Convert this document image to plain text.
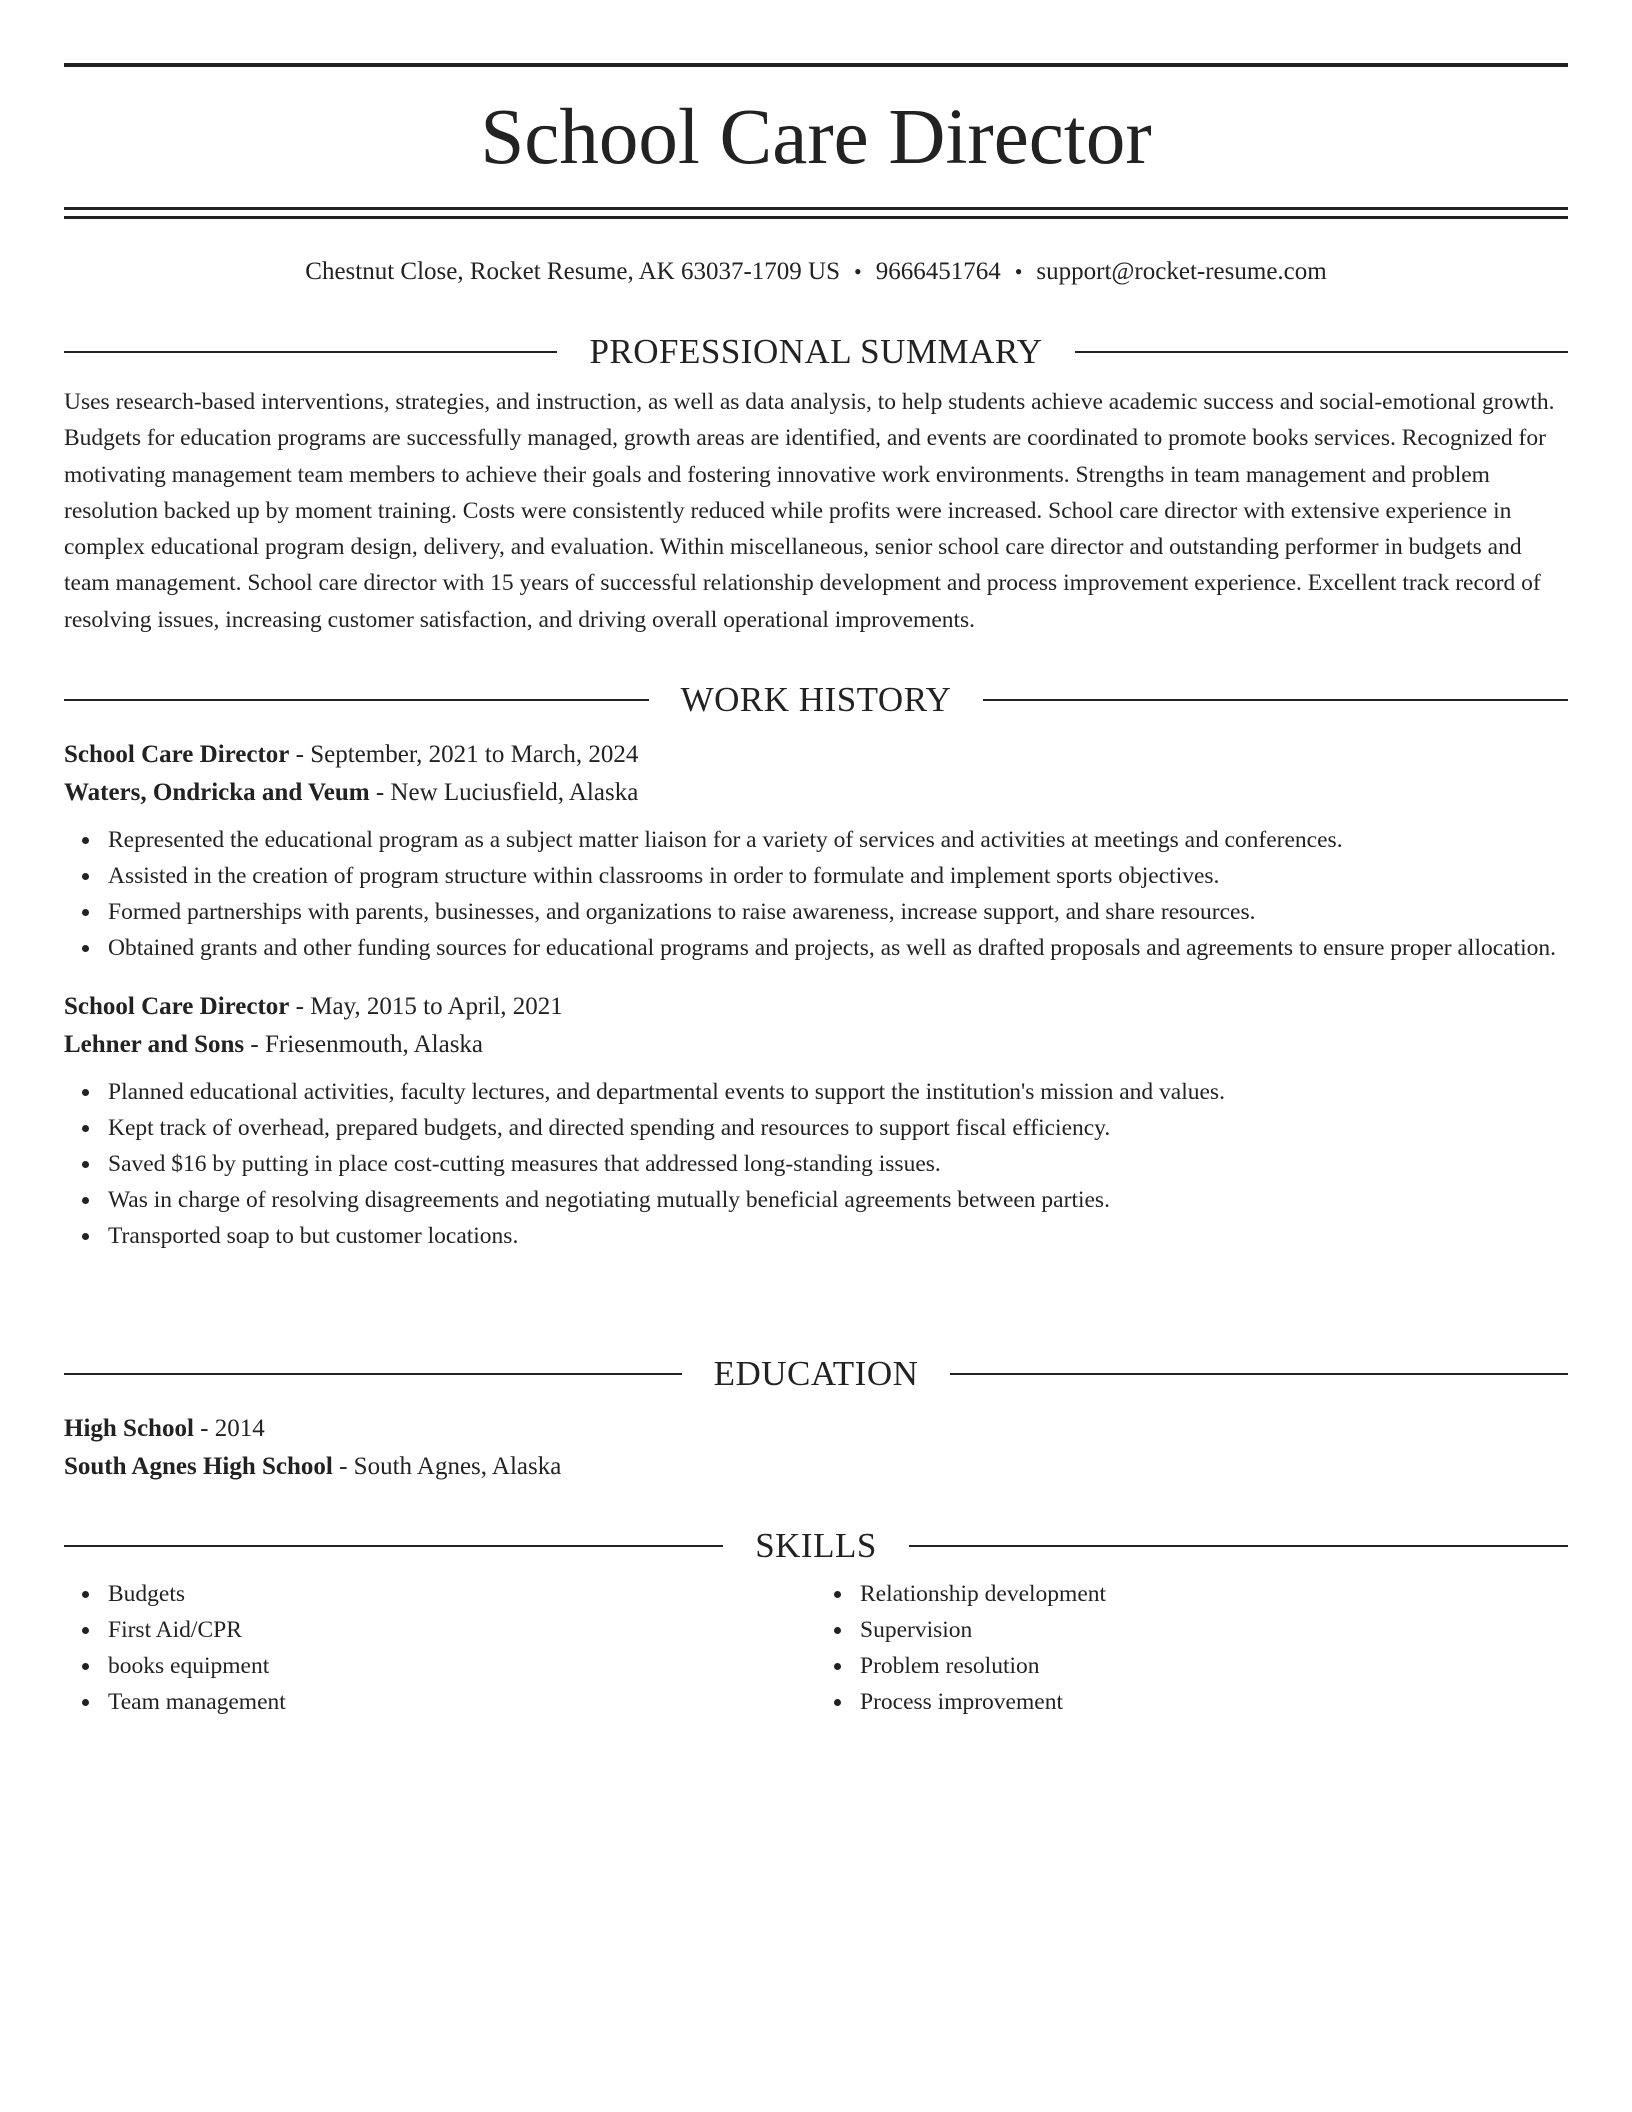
School Care Director
Chestnut Close, Rocket Resume, AK 63037-1709 US • 9666451764 • support@rocket-resume.com
PROFESSIONAL SUMMARY

Uses research-based interventions, strategies, and instruction, as well as data analysis, to help students achieve academic success and social-emotional growth. Budgets for education programs are successfully managed, growth areas are identified, and events are coordinated to promote books services. Recognized for motivating management team members to achieve their goals and fostering innovative work environments. Strengths in team management and problem resolution backed up by moment training. Costs were consistently reduced while profits were increased. School care director with extensive experience in complex educational program design, delivery, and evaluation. Within miscellaneous, senior school care director and outstanding performer in budgets and team management. School care director with 15 years of successful relationship development and process improvement experience. Excellent track record of resolving issues, increasing customer satisfaction, and driving overall operational improvements.

WORK HISTORY
School Care Director - September, 2021 to March, 2024
Waters, Ondricka and Veum - New Luciusfield, Alaska
Represented the educational program as a subject matter liaison for a variety of services and activities at meetings and conferences.
Assisted in the creation of program structure within classrooms in order to formulate and implement sports objectives.
Formed partnerships with parents, businesses, and organizations to raise awareness, increase support, and share resources.
Obtained grants and other funding sources for educational programs and projects, as well as drafted proposals and agreements to ensure proper allocation.
School Care Director - May, 2015 to April, 2021
Lehner and Sons - Friesenmouth, Alaska
Planned educational activities, faculty lectures, and departmental events to support the institution's mission and values.
Kept track of overhead, prepared budgets, and directed spending and resources to support fiscal efficiency.
Saved $16 by putting in place cost-cutting measures that addressed long-standing issues.
Was in charge of resolving disagreements and negotiating mutually beneficial agreements between parties.
Transported soap to but customer locations.
EDUCATION
High School - 2014
South Agnes High School - South Agnes, Alaska
SKILLS
Budgets
First Aid/CPR
books equipment
Team management
Relationship development
Supervision
Problem resolution
Process improvement
